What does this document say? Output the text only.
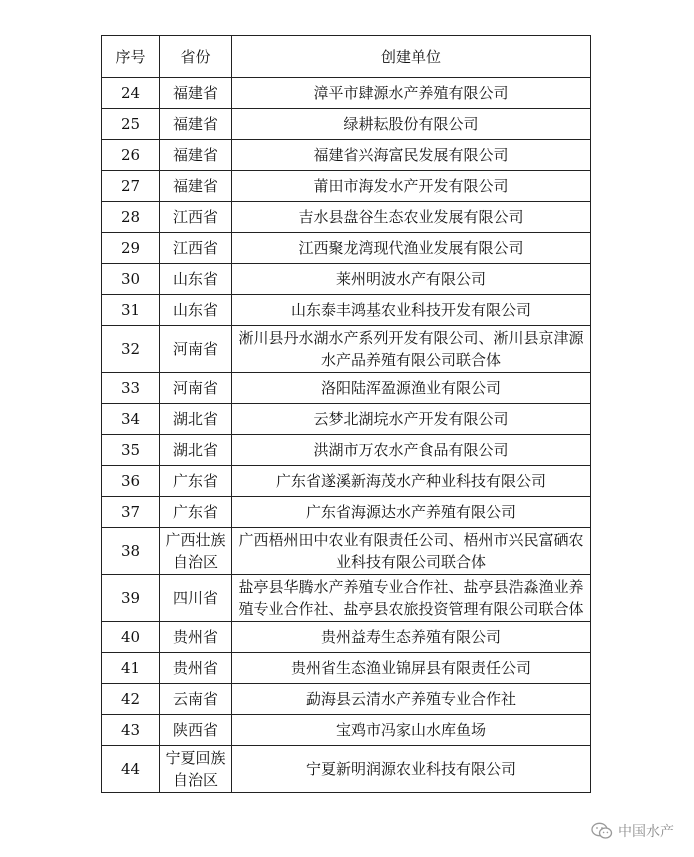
序号	省份	创建单位

24	福建省	漳平市肆源水产养殖有限公司

25	福建省	绿耕耘股份有限公司

26	福建省	福建省兴海富民发展有限公司

27	福建省	莆田市海发水产开发有限公司

28	江西省	吉水县盘谷生态农业发展有限公司

29	江西省	江西聚龙湾现代渔业发展有限公司

30	山东省	莱州明波水产有限公司

31	山东省	山东泰丰鸿基农业科技开发有限公司

32	河南省	淅川县丹水湖水产系列开发有限公司、淅川县京津源水产品养殖有限公司联合体

33	河南省	洛阳陆浑盈源渔业有限公司

34	湖北省	云梦北湖垸水产开发有限公司

35	湖北省	洪湖市万农水产食品有限公司

36	广东省	广东省遂溪新海茂水产种业科技有限公司

37	广东省	广东省海源达水产养殖有限公司

38	广西壮族自治区	广西梧州田中农业有限责任公司、梧州市兴民富硒农业科技有限公司联合体

39	四川省	盐亭县华腾水产养殖专业合作社、盐亭县浩淼渔业养殖专业合作社、盐亭县农旅投资管理有限公司联合体

40	贵州省	贵州益寿生态养殖有限公司

41	贵州省	贵州省生态渔业锦屏县有限责任公司

42	云南省	勐海县云清水产养殖专业合作社

43	陕西省	宝鸡市冯家山水库鱼场

44	宁夏回族自治区	宁夏新明润源农业科技有限公司
中国水产
